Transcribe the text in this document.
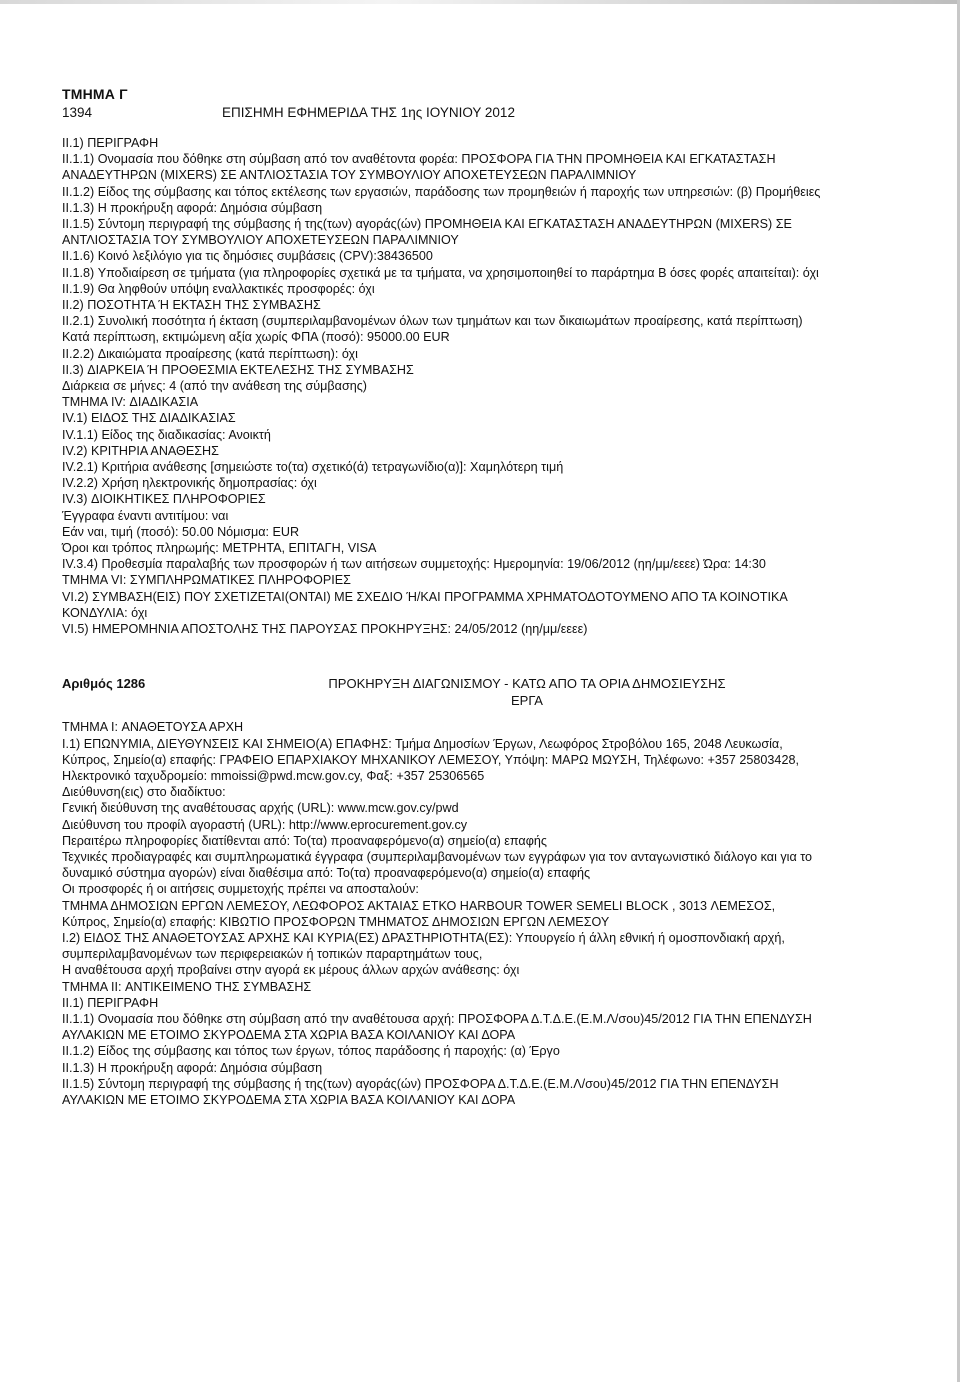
ΤΜΗΜΑ Γ
1394	ΕΠΙΣΗΜΗ ΕΦΗΜΕΡΙΔΑ ΤΗΣ 1ης ΙΟΥΝΙΟΥ 2012
II.1) ΠΕΡΙΓΡΑΦΗ
II.1.1) Ονομασία που δόθηκε στη σύμβαση από τον αναθέτοντα φορέα: ΠΡΟΣΦΟΡΑ ΓΙΑ ΤΗΝ ΠΡΟΜΗΘΕΙΑ ΚΑΙ ΕΓΚΑΤΑΣΤΑΣΗ ΑΝΑΔΕΥΤΗΡΩΝ (MIXERS) ΣΕ ΑΝΤΛΙΟΣΤΑΣΙΑ ΤΟΥ ΣΥΜΒΟΥΛΙΟΥ ΑΠΟΧΕΤΕΥΣΕΩΝ ΠΑΡΑΛΙΜΝΙΟΥ
II.1.2) Είδος της σύμβασης και τόπος εκτέλεσης των εργασιών, παράδοσης των προμηθειών ή παροχής των υπηρεσιών: (β) Προμήθειες
II.1.3) Η προκήρυξη αφορά: Δημόσια σύμβαση
II.1.5) Σύντομη περιγραφή της σύμβασης ή της(των) αγοράς(ών) ΠΡΟΜΗΘΕΙΑ ΚΑΙ ΕΓΚΑΤΑΣΤΑΣΗ ΑΝΑΔΕΥΤΗΡΩΝ (MIXERS) ΣΕ ΑΝΤΛΙΟΣΤΑΣΙΑ ΤΟΥ ΣΥΜΒΟΥΛΙΟΥ ΑΠΟΧΕΤΕΥΣΕΩΝ ΠΑΡΑΛΙΜΝΙΟΥ
II.1.6) Κοινό λεξιλόγιο για τις δημόσιες συμβάσεις (CPV):38436500
II.1.8) Υποδιαίρεση σε τμήματα (για πληροφορίες σχετικά με τα τμήματα, να χρησιμοποιηθεί το παράρτημα Β όσες φορές απαιτείται): όχι
II.1.9) Θα ληφθούν υπόψη εναλλακτικές προσφορές: όχι
II.2) ΠΟΣΟΤΗΤΑ Ή ΕΚΤΑΣΗ ΤΗΣ ΣΥΜΒΑΣΗΣ
II.2.1) Συνολική ποσότητα ή έκταση (συμπεριλαμβανομένων όλων των τμημάτων και των δικαιωμάτων προαίρεσης, κατά περίπτωση)
Κατά περίπτωση, εκτιμώμενη αξία χωρίς ΦΠΑ (ποσό): 95000.00 EUR
II.2.2) Δικαιώματα προαίρεσης (κατά περίπτωση): όχι
II.3) ΔΙΑΡΚΕΙΑ Ή ΠΡΟΘΕΣΜΙΑ ΕΚΤΕΛΕΣΗΣ ΤΗΣ ΣΥΜΒΑΣΗΣ
Διάρκεια σε μήνες: 4 (από την ανάθεση της σύμβασης)
ΤΜΗΜΑ IV: ΔΙΑΔΙΚΑΣΙΑ
IV.1) ΕΙΔΟΣ ΤΗΣ ΔΙΑΔΙΚΑΣΙΑΣ
IV.1.1) Είδος της διαδικασίας: Ανοικτή
IV.2) ΚΡΙΤΗΡΙΑ ΑΝΑΘΕΣΗΣ
IV.2.1) Κριτήρια ανάθεσης [σημειώστε το(τα) σχετικό(ά) τετραγωνίδιο(α)]: Χαμηλότερη τιμή
IV.2.2) Χρήση ηλεκτρονικής δημοπρασίας: όχι
IV.3) ΔΙΟΙΚΗΤΙΚΕΣ ΠΛΗΡΟΦΟΡΙΕΣ
Έγγραφα έναντι αντιτίμου: ναι
Εάν ναι, τιμή (ποσό): 50.00 Νόμισμα: EUR
Όροι και τρόπος πληρωμής: ΜΕΤΡΗΤΑ, ΕΠΙΤΑΓΗ, VISA
IV.3.4) Προθεσμία παραλαβής των προσφορών ή των αιτήσεων συμμετοχής: Ημερομηνία: 19/06/2012 (ηη/μμ/εεεε) Ώρα: 14:30
ΤΜΗΜΑ VI: ΣΥΜΠΛΗΡΩΜΑΤΙΚΕΣ ΠΛΗΡΟΦΟΡΙΕΣ
VI.2) ΣΥΜΒΑΣΗ(ΕΙΣ) ΠΟΥ ΣΧΕΤΙΖΕΤΑΙ(ΟΝΤΑΙ) ΜΕ ΣΧΕΔΙΟ Ή/ΚΑΙ ΠΡΟΓΡΑΜΜΑ ΧΡΗΜΑΤΟΔΟΤΟΥΜΕΝΟ ΑΠΟ ΤΑ ΚΟΙΝΟΤΙΚΑ ΚΟΝΔΥΛΙΑ: όχι
VI.5) ΗΜΕΡΟΜΗΝΙΑ ΑΠΟΣΤΟΛΗΣ ΤΗΣ ΠΑΡΟΥΣΑΣ ΠΡΟΚΗΡΥΞΗΣ: 24/05/2012 (ηη/μμ/εεεε)
Αριθμός 1286	ΠΡΟΚΗΡΥΞΗ ΔΙΑΓΩΝΙΣΜΟΥ - ΚΑΤΩ ΑΠΟ ΤΑ ΟΡΙΑ ΔΗΜΟΣΙΕΥΣΗΣ
ΕΡΓΑ
ΤΜΗΜΑ I: ΑΝΑΘΕΤΟΥΣΑ ΑΡΧΗ
I.1) ΕΠΩΝΥΜΙΑ, ΔΙΕΥΘΥΝΣΕΙΣ ΚΑΙ ΣΗΜΕΙΟ(Α) ΕΠΑΦΗΣ: Τμήμα Δημοσίων Έργων, Λεωφόρος Στροβόλου 165, 2048 Λευκωσία, Κύπρος, Σημείο(α) επαφής: ΓΡΑΦΕΙΟ ΕΠΑΡΧΙΑΚΟΥ ΜΗΧΑΝΙΚΟΥ ΛΕΜΕΣΟΥ, Υπόψη: ΜΑΡΩ ΜΩΥΣΗ, Τηλέφωνο: +357 25803428, Ηλεκτρονικό ταχυδρομείο: mmoissi@pwd.mcw.gov.cy, Φαξ: +357 25306565
Διεύθυνση(εις) στο διαδίκτυο:
Γενική διεύθυνση της αναθέτουσας αρχής (URL): www.mcw.gov.cy/pwd
Διεύθυνση του προφίλ αγοραστή (URL): http://www.eprocurement.gov.cy
Περαιτέρω πληροφορίες διατίθενται από: Το(τα) προαναφερόμενο(α) σημείο(α) επαφής
Τεχνικές προδιαγραφές και συμπληρωματικά έγγραφα (συμπεριλαμβανομένων των εγγράφων για τον ανταγωνιστικό διάλογο και για το δυναμικό σύστημα αγορών) είναι διαθέσιμα από: Το(τα) προαναφερόμενο(α) σημείο(α) επαφής
Οι προσφορές ή οι αιτήσεις συμμετοχής πρέπει να αποσταλούν:
ΤΜΗΜΑ ΔΗΜΟΣΙΩΝ ΕΡΓΩΝ ΛΕΜΕΣΟΥ, ΛΕΩΦΟΡΟΣ ΑΚΤΑΙΑΣ ΕΤΚΟ HARBOUR TOWER SEMELI BLOCK , 3013 ΛΕΜΕΣΟΣ, Κύπρος, Σημείο(α) επαφής: ΚΙΒΩΤΙΟ ΠΡΟΣΦΟΡΩΝ ΤΜΗΜΑΤΟΣ ΔΗΜΟΣΙΩΝ ΕΡΓΩΝ ΛΕΜΕΣΟΥ
I.2) ΕΙΔΟΣ ΤΗΣ ΑΝΑΘΕΤΟΥΣΑΣ ΑΡΧΗΣ ΚΑΙ ΚΥΡΙΑ(ΕΣ) ΔΡΑΣΤΗΡΙΟΤΗΤΑ(ΕΣ): Υπουργείο ή άλλη εθνική ή ομοσπονδιακή αρχή, συμπεριλαμβανομένων των περιφερειακών ή τοπικών παραρτημάτων τους,
Η αναθέτουσα αρχή προβαίνει στην αγορά εκ μέρους άλλων αρχών ανάθεσης: όχι
ΤΜΗΜΑ II: ΑΝΤΙΚΕΙΜΕΝΟ ΤΗΣ ΣΥΜΒΑΣΗΣ
II.1) ΠΕΡΙΓΡΑΦΗ
II.1.1) Ονομασία που δόθηκε στη σύμβαση από την αναθέτουσα αρχή: ΠΡΟΣΦΟΡΑ Δ.Τ.Δ.Ε.(Ε.Μ.Λ/σου)45/2012 ΓΙΑ ΤΗΝ ΕΠΕΝΔΥΣΗ ΑΥΛΑΚΙΩΝ ΜΕ ΕΤΟΙΜΟ ΣΚΥΡΟΔΕΜΑ ΣΤΑ ΧΩΡΙΑ ΒΑΣΑ ΚΟΙΛΑΝΙΟΥ ΚΑΙ ΔΟΡΑ
II.1.2) Είδος της σύμβασης και τόπος των έργων, τόπος παράδοσης ή παροχής: (α) Έργο
II.1.3) Η προκήρυξη αφορά: Δημόσια σύμβαση
II.1.5) Σύντομη περιγραφή της σύμβασης ή της(των) αγοράς(ών) ΠΡΟΣΦΟΡΑ Δ.Τ.Δ.Ε.(Ε.Μ.Λ/σου)45/2012 ΓΙΑ ΤΗΝ ΕΠΕΝΔΥΣΗ ΑΥΛΑΚΙΩΝ ΜΕ ΕΤΟΙΜΟ ΣΚΥΡΟΔΕΜΑ ΣΤΑ ΧΩΡΙΑ ΒΑΣΑ ΚΟΙΛΑΝΙΟΥ ΚΑΙ ΔΟΡΑ
